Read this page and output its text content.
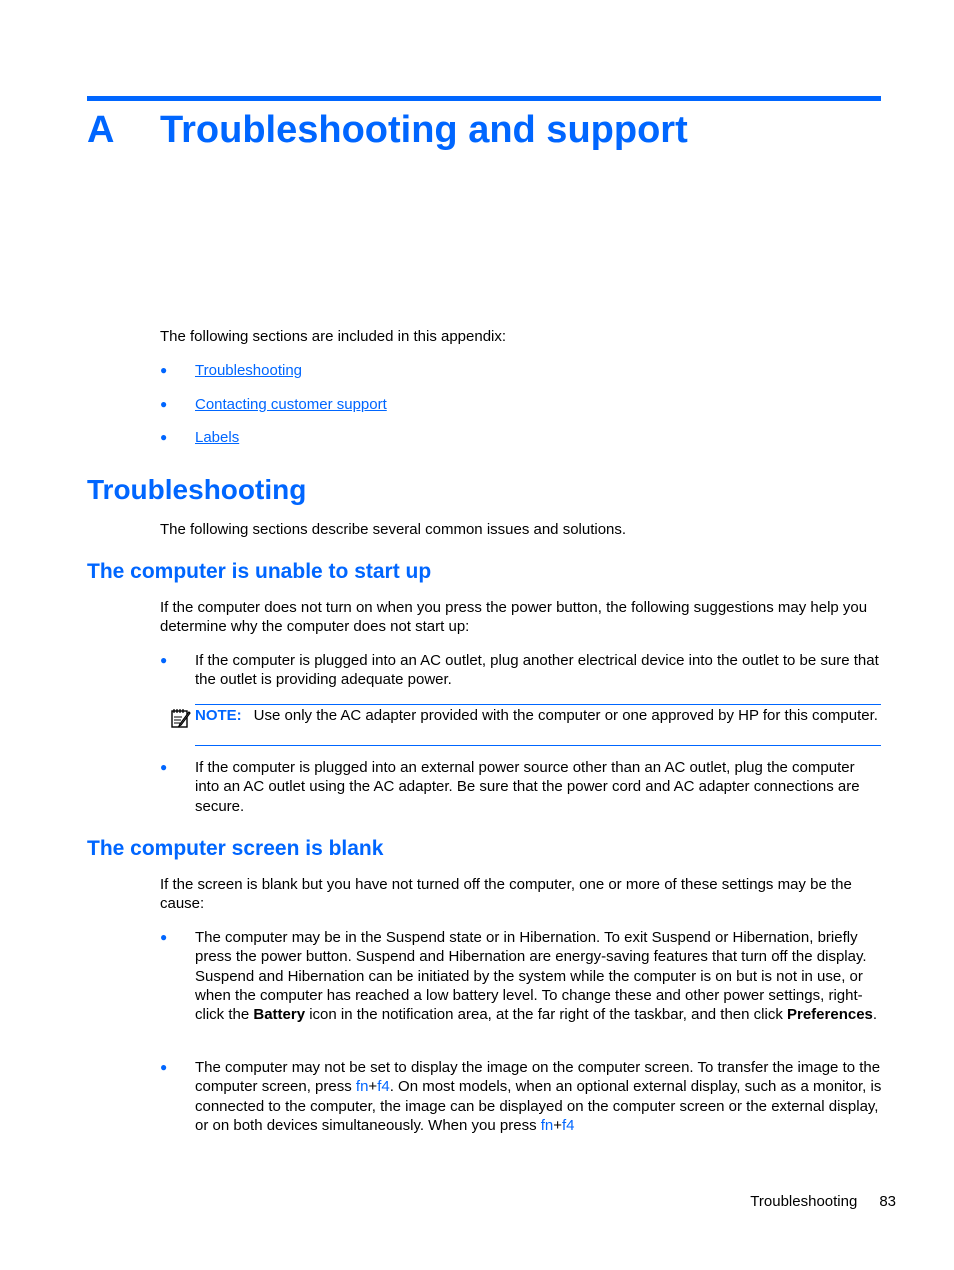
A Troubleshooting and support

The following sections are included in this appendix:

●	Troubleshooting
●	Contacting customer support
●	Labels
Troubleshooting

The following sections describe several common issues and solutions.

The computer is unable to start up

If the computer does not turn on when you press the power button, the following suggestions may help you determine why the computer does not start up:

●	If the computer is plugged into an AC outlet, plug another electrical device into the outlet to be sure that the outlet is providing adequate power.
NOTE: Use only the AC adapter provided with the computer or one approved by HP for this computer.
●	If the computer is plugged into an external power source other than an AC outlet, plug the computer into an AC outlet using the AC adapter. Be sure that the power cord and AC adapter connections are secure.
The computer screen is blank

If the screen is blank but you have not turned off the computer, one or more of these settings may be the cause:

●	The computer may be in the Suspend state or in Hibernation. To exit Suspend or Hibernation, briefly press the power button. Suspend and Hibernation are energy-saving features that turn off the display. Suspend and Hibernation can be initiated by the system while the computer is on but is not in use, or when the computer has reached a low battery level. To change these and other power settings, right-click the Battery icon in the notification area, at the far right of the taskbar, and then click Preferences.
●	The computer may not be set to display the image on the computer screen. To transfer the image to the computer screen, press fn+f4. On most models, when an optional external display, such as a monitor, is connected to the computer, the image can be displayed on the computer screen or the external display, or on both devices simultaneously. When you press fn+f4
Troubleshooting 83
